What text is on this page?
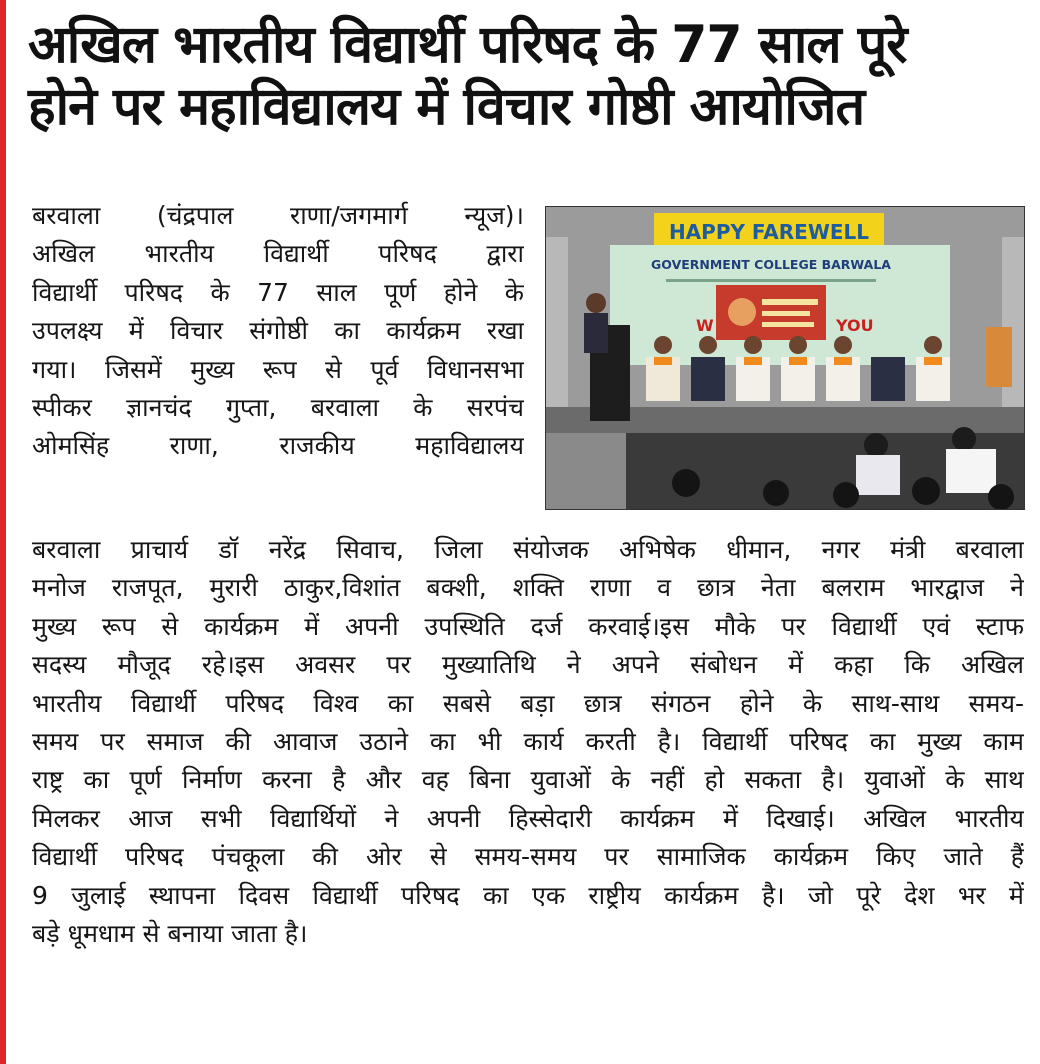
अखिल भारतीय विद्यार्थी परिषद के 77 साल पूरे
होने पर महाविद्यालय में विचार गोष्ठी आयोजित
बरवाला (चंद्रपाल राणा/जगमार्ग न्यूज)।
अखिल भारतीय विद्यार्थी परिषद द्वारा
विद्यार्थी परिषद के 77 साल पूर्ण होने के
उपलक्ष्य में विचार संगोष्ठी का कार्यक्रम रखा
गया। जिसमें मुख्य रूप से पूर्व विधानसभा
स्पीकर ज्ञानचंद गुप्ता, बरवाला के सरपंच
ओमसिंह राणा, राजकीय महाविद्यालय
HAPPY FAREWELL
GOVERNMENT COLLEGE BARWALA
W	YOU
बरवाला प्राचार्य डॉ नरेंद्र सिवाच, जिला संयोजक अभिषेक धीमान, नगर मंत्री बरवाला
मनोज राजपूत, मुरारी ठाकुर,विशांत बक्शी, शक्ति राणा व छात्र नेता बलराम भारद्वाज ने
मुख्य रूप से कार्यक्रम में अपनी उपस्थिति दर्ज करवाई।इस मौके पर विद्यार्थी एवं स्टाफ
सदस्य मौजूद रहे।इस अवसर पर मुख्यातिथि ने अपने संबोधन में कहा कि अखिल
भारतीय विद्यार्थी परिषद विश्व का सबसे बड़ा छात्र संगठन होने के साथ-साथ समय-
समय पर समाज की आवाज उठाने का भी कार्य करती है। विद्यार्थी परिषद का मुख्य काम
राष्ट्र का पूर्ण निर्माण करना है और वह बिना युवाओं के नहीं हो सकता है। युवाओं के साथ
मिलकर आज सभी विद्यार्थियों ने अपनी हिस्सेदारी कार्यक्रम में दिखाई। अखिल भारतीय
विद्यार्थी परिषद पंचकूला की ओर से समय-समय पर सामाजिक कार्यक्रम किए जाते हैं
9 जुलाई स्थापना दिवस विद्यार्थी परिषद का एक राष्ट्रीय कार्यक्रम है। जो पूरे देश भर में
बड़े धूमधाम से बनाया जाता है।
